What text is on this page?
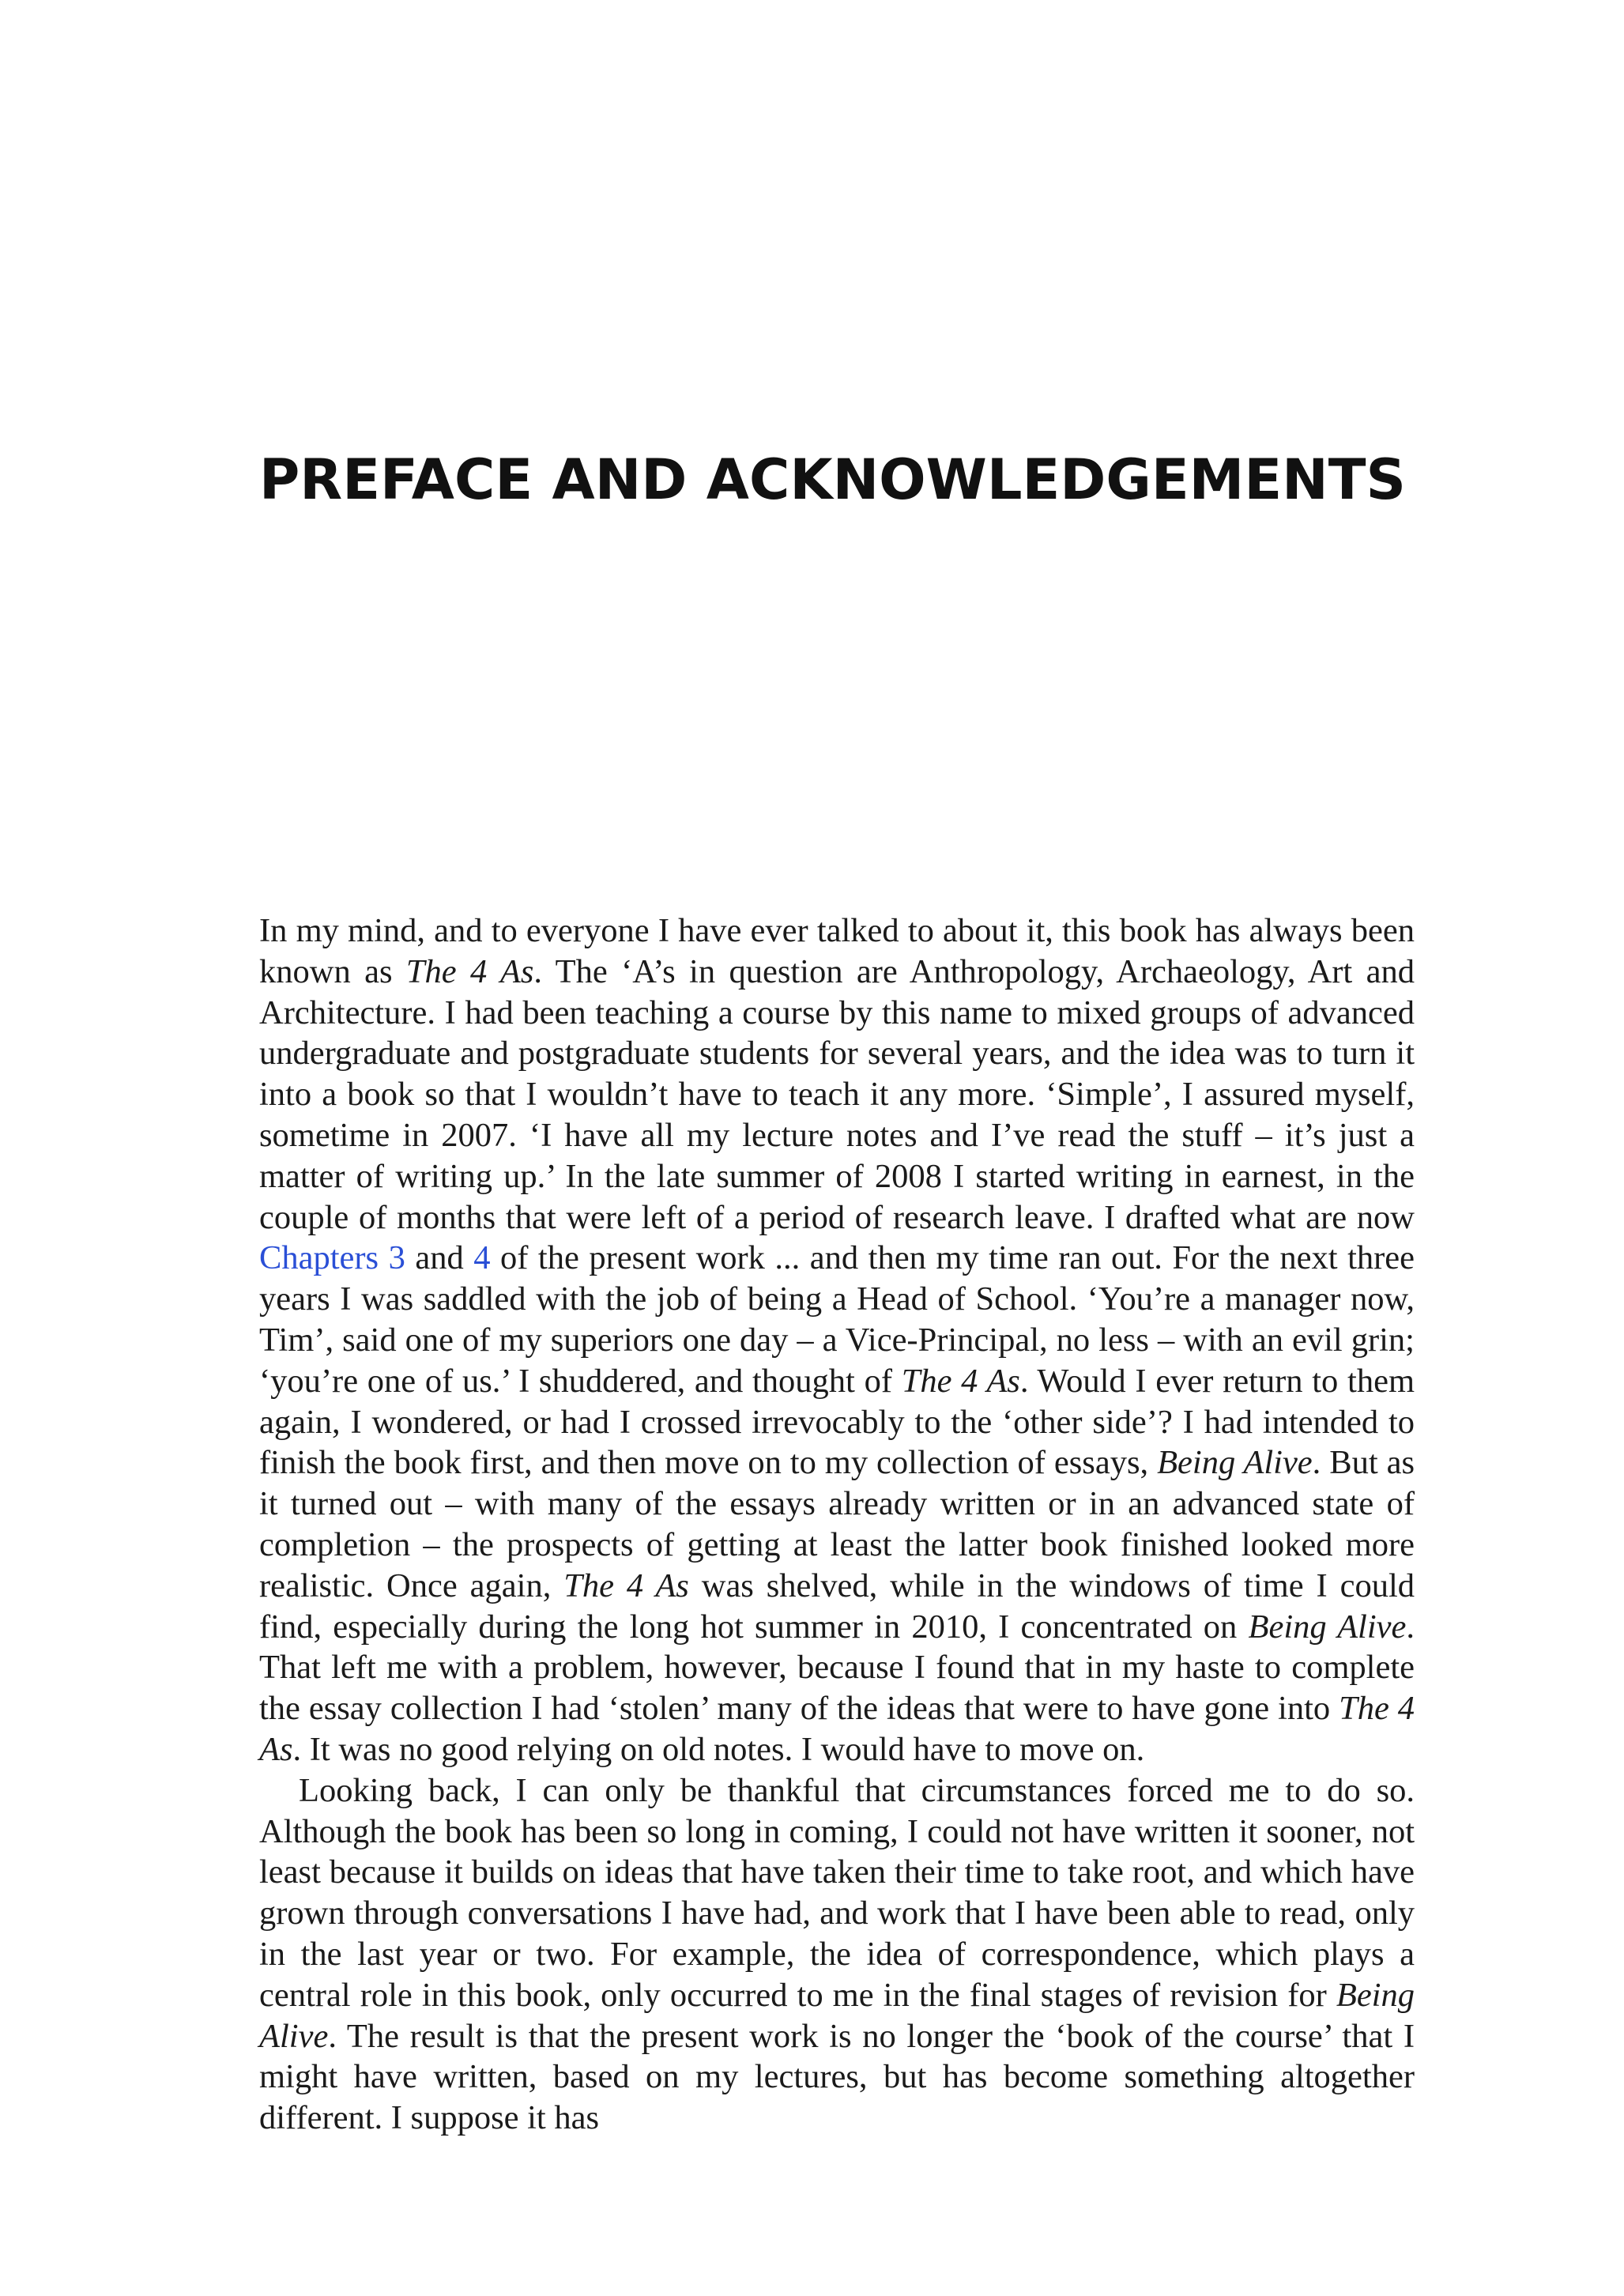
PREFACE AND ACKNOWLEDGEMENTS

In my mind, and to everyone I have ever talked to about it, this book has always been known as The 4 As. The ‘A’s in question are Anthropology, Archaeology, Art and Architecture. I had been teaching a course by this name to mixed groups of advanced undergraduate and postgraduate students for several years, and the idea was to turn it into a book so that I wouldn’t have to teach it any more. ‘Simple’, I assured myself, sometime in 2007. ‘I have all my lecture notes and I’ve read the stuff – it’s just a matter of writing up.’ In the late summer of 2008 I started writing in earnest, in the couple of months that were left of a period of research leave. I drafted what are now Chapters 3 and 4 of the present work ... and then my time ran out. For the next three years I was saddled with the job of being a Head of School. ‘You’re a manager now, Tim’, said one of my superiors one day – a Vice-Principal, no less – with an evil grin; ‘you’re one of us.’ I shuddered, and thought of The 4 As. Would I ever return to them again, I wondered, or had I crossed irrevocably to the ‘other side’? I had intended to finish the book first, and then move on to my collection of essays, Being Alive. But as it turned out – with many of the essays already written or in an advanced state of completion – the prospects of getting at least the latter book finished looked more realistic. Once again, The 4 As was shelved, while in the windows of time I could find, especially during the long hot summer in 2010, I concentrated on Being Alive. That left me with a problem, however, because I found that in my haste to complete the essay collection I had ‘stolen’ many of the ideas that were to have gone into The 4 As. It was no good relying on old notes. I would have to move on.

Looking back, I can only be thankful that circumstances forced me to do so. Although the book has been so long in coming, I could not have written it sooner, not least because it builds on ideas that have taken their time to take root, and which have grown through conversations I have had, and work that I have been able to read, only in the last year or two. For example, the idea of correspondence, which plays a central role in this book, only occurred to me in the final stages of revision for Being Alive. The result is that the present work is no longer the ‘book of the course’ that I might have written, based on my lectures, but has become something altogether different. I suppose it has
